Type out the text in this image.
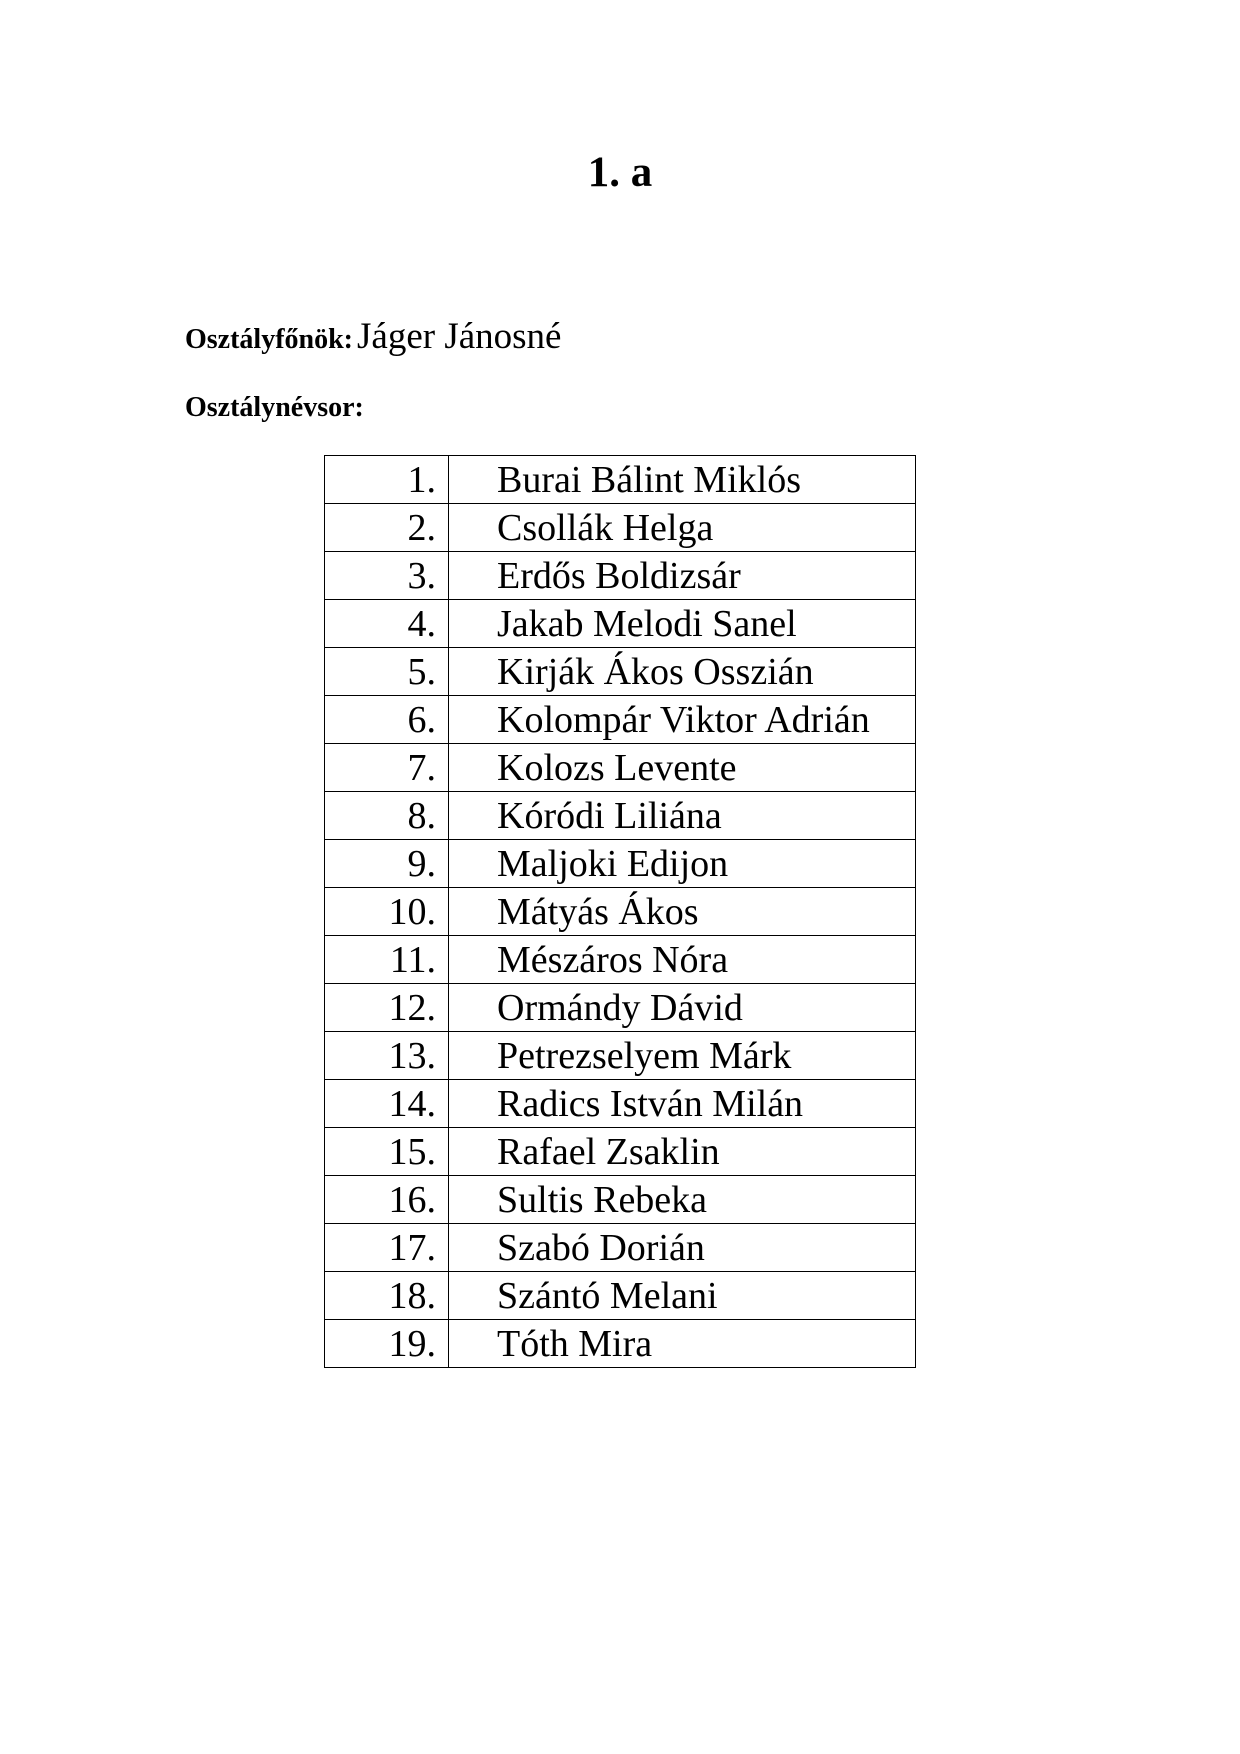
1. a
Osztályfőnök: Jáger Jánosné
Osztálynévsor:
1.	Burai Bálint Miklós
2.	Csollák Helga
3.	Erdős Boldizsár
4.	Jakab Melodi Sanel
5.	Kirják Ákos Osszián
6.	Kolompár Viktor Adrián
7.	Kolozs Levente
8.	Kóródi Liliána
9.	Maljoki Edijon
10.	Mátyás Ákos
11.	Mészáros Nóra
12.	Ormándy Dávid
13.	Petrezselyem Márk
14.	Radics István Milán
15.	Rafael Zsaklin
16.	Sultis Rebeka
17.	Szabó Dorián
18.	Szántó Melani
19.	Tóth Mira
